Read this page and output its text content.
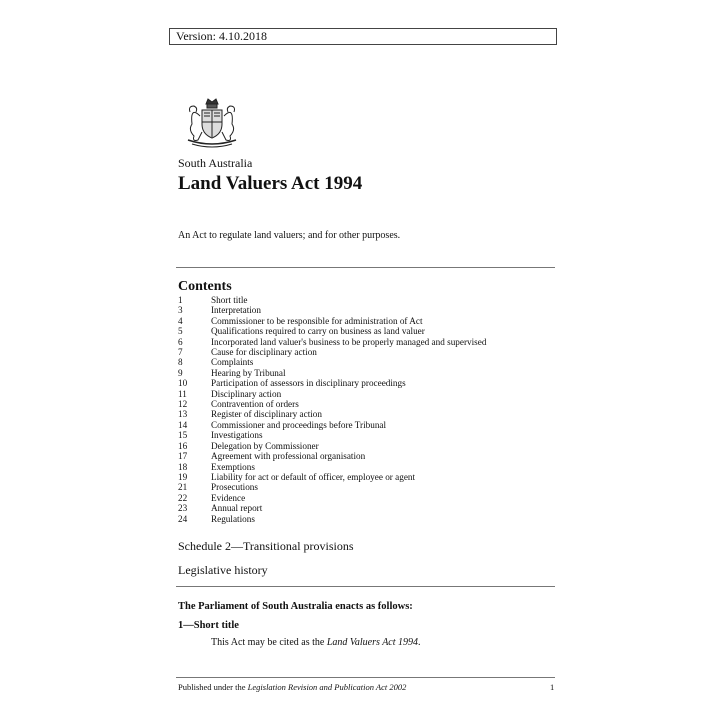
Version: 4.10.2018
South Australia
Land Valuers Act 1994
An Act to regulate land valuers; and for other purposes.
Contents
1	Short title
3	Interpretation
4	Commissioner to be responsible for administration of Act
5	Qualifications required to carry on business as land valuer
6	Incorporated land valuer's business to be properly managed and supervised
7	Cause for disciplinary action
8	Complaints
9	Hearing by Tribunal
10	Participation of assessors in disciplinary proceedings
11	Disciplinary action
12	Contravention of orders
13	Register of disciplinary action
14	Commissioner and proceedings before Tribunal
15	Investigations
16	Delegation by Commissioner
17	Agreement with professional organisation
18	Exemptions
19	Liability for act or default of officer, employee or agent
21	Prosecutions
22	Evidence
23	Annual report
24	Regulations
Schedule 2—Transitional provisions
Legislative history
The Parliament of South Australia enacts as follows:
1—Short title
This Act may be cited as the Land Valuers Act 1994.
Published under the Legislation Revision and Publication Act 2002	1
